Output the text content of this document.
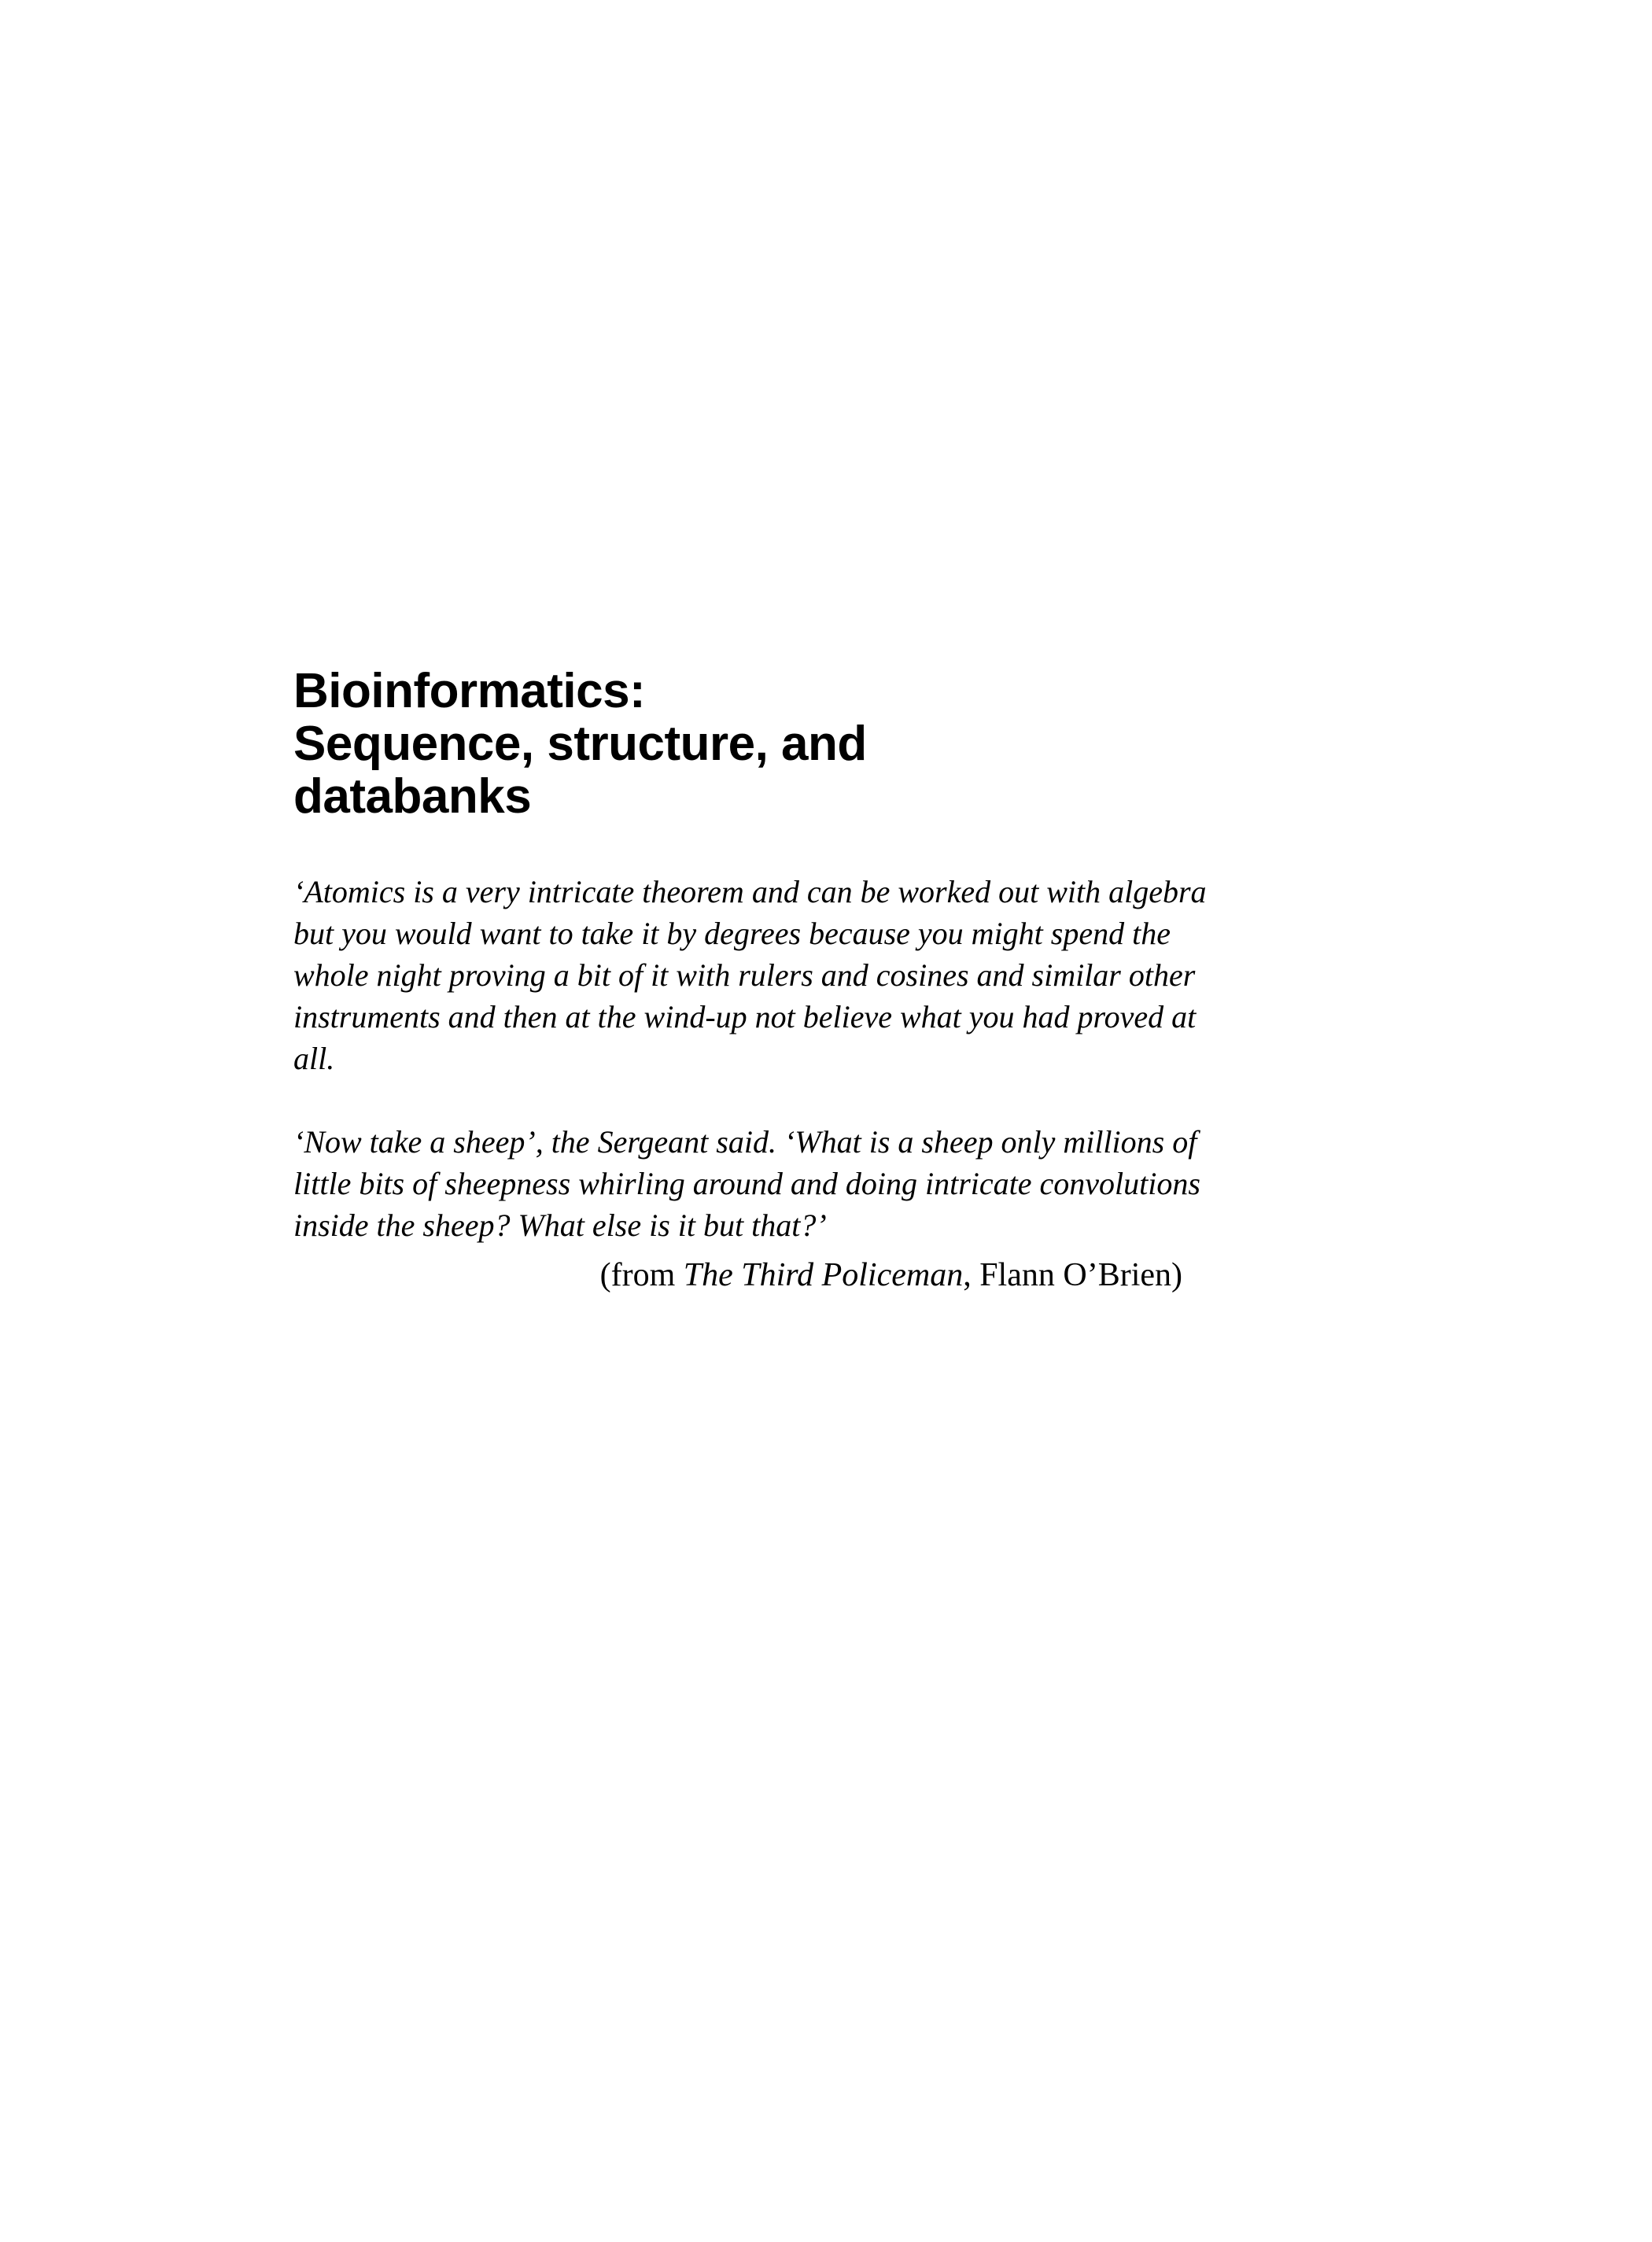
Bioinformatics:
Sequence, structure, and
databanks

‘Atomics is a very intricate theorem and can be worked out with algebra
but you would want to take it by degrees because you might spend the
whole night proving a bit of it with rulers and cosines and similar other
instruments and then at the wind-up not believe what you had proved at
all.

‘Now take a sheep’, the Sergeant said. ‘What is a sheep only millions of
little bits of sheepness whirling around and doing intricate convolutions
inside the sheep? What else is it but that?’

(from The Third Policeman, Flann O’Brien)
